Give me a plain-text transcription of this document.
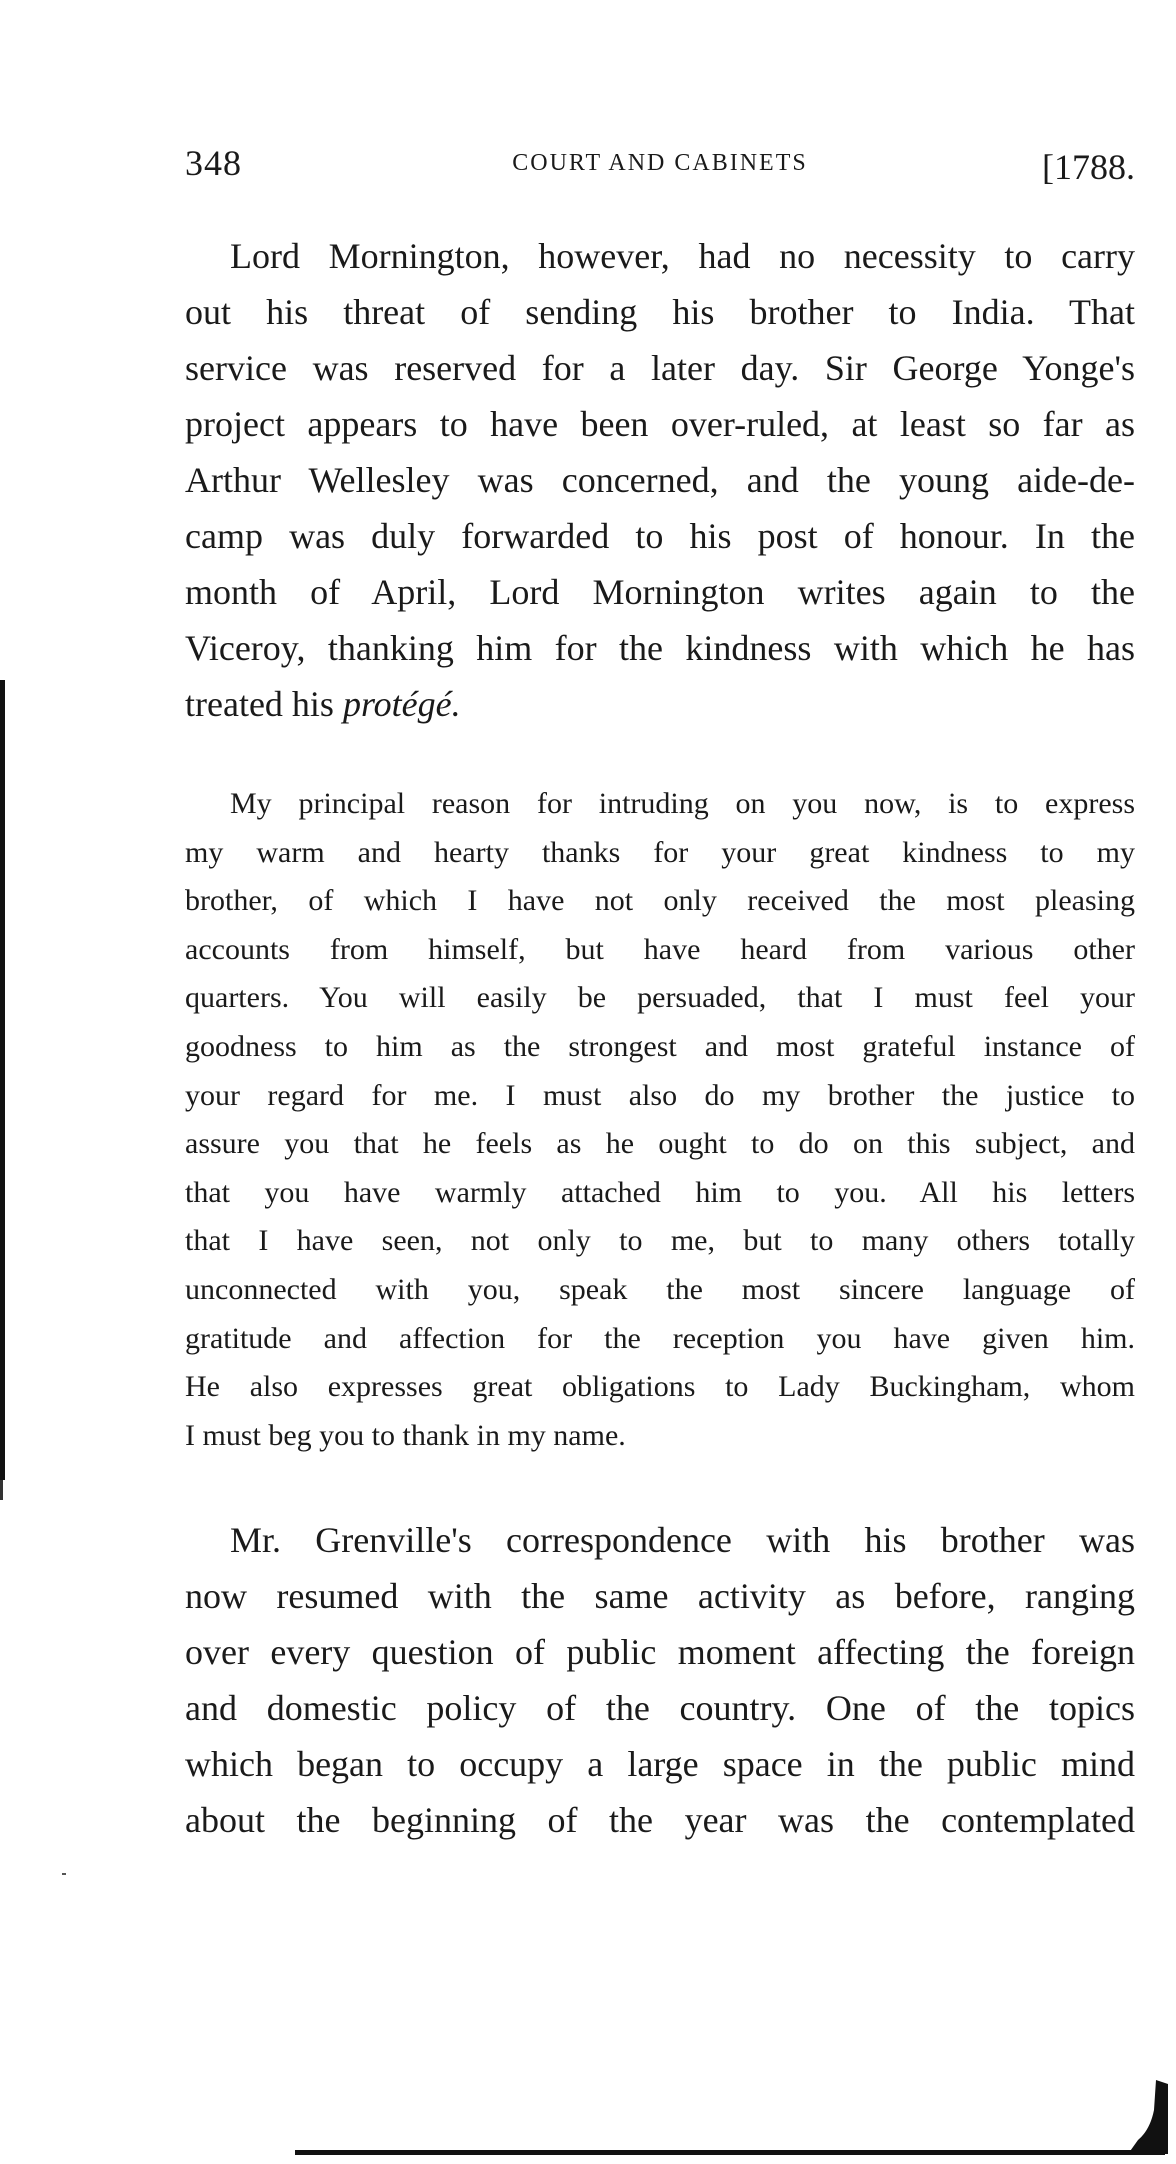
348	COURT AND CABINETS	[1788.
Lord Mornington, however, had no necessity to carry
out his threat of sending his brother to India. That
service was reserved for a later day. Sir George Yonge's
project appears to have been over-ruled, at least so far as
Arthur Wellesley was concerned, and the young aide-de-
camp was duly forwarded to his post of honour. In the
month of April, Lord Mornington writes again to the
Viceroy, thanking him for the kindness with which he has
treated his protégé.
My principal reason for intruding on you now, is to express
my warm and hearty thanks for your great kindness to my
brother, of which I have not only received the most pleasing
accounts from himself, but have heard from various other
quarters. You will easily be persuaded, that I must feel your
goodness to him as the strongest and most grateful instance of
your regard for me. I must also do my brother the justice to
assure you that he feels as he ought to do on this subject, and
that you have warmly attached him to you. All his letters
that I have seen, not only to me, but to many others totally
unconnected with you, speak the most sincere language of
gratitude and affection for the reception you have given him.
He also expresses great obligations to Lady Buckingham, whom
I must beg you to thank in my name.
Mr. Grenville's correspondence with his brother was
now resumed with the same activity as before, ranging
over every question of public moment affecting the foreign
and domestic policy of the country. One of the topics
which began to occupy a large space in the public mind
about the beginning of the year was the contemplated
